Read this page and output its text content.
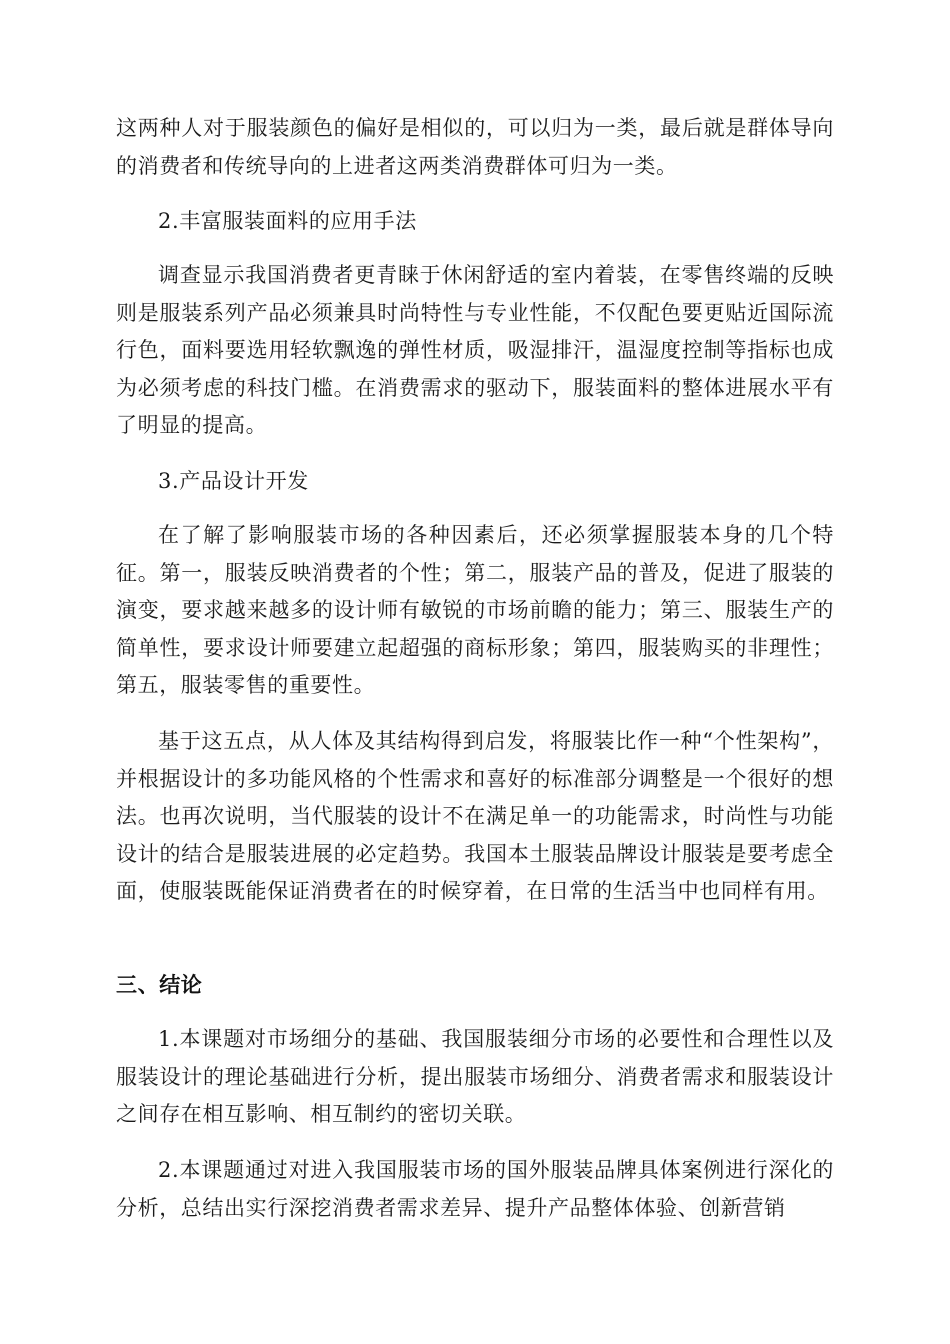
这两种人对于服装颜色的偏好是相似的，可以归为一类，最后就是群体导向的消费者和传统导向的上进者这两类消费群体可归为一类。
2.丰富服装面料的应用手法
调查显示我国消费者更青睐于休闲舒适的室内着装，在零售终端的反映则是服装系列产品必须兼具时尚特性与专业性能，不仅配色要更贴近国际流行色，面料要选用轻软飘逸的弹性材质，吸湿排汗，温湿度控制等指标也成为必须考虑的科技门槛。在消费需求的驱动下，服装面料的整体进展水平有了明显的提高。
3.产品设计开发
在了解了影响服装市场的各种因素后，还必须掌握服装本身的几个特征。第一，服装反映消费者的个性；第二，服装产品的普及，促进了服装的演变，要求越来越多的设计师有敏锐的市场前瞻的能力；第三、服装生产的简单性，要求设计师要建立起超强的商标形象；第四，服装购买的非理性；第五，服装零售的重要性。
基于这五点，从人体及其结构得到启发，将服装比作一种“个性架构”，并根据设计的多功能风格的个性需求和喜好的标准部分调整是一个很好的想法。也再次说明，当代服装的设计不在满足单一的功能需求，时尚性与功能设计的结合是服装进展的必定趋势。我国本土服装品牌设计服装是要考虑全面，使服装既能保证消费者在的时候穿着，在日常的生活当中也同样有用。
三、结论
1.本课题对市场细分的基础、我国服装细分市场的必要性和合理性以及服装设计的理论基础进行分析，提出服装市场细分、消费者需求和服装设计之间存在相互影响、相互制约的密切关联。
2.本课题通过对进入我国服装市场的国外服装品牌具体案例进行深化的分析，总结出实行深挖消费者需求差异、提升产品整体体验、创新营销
